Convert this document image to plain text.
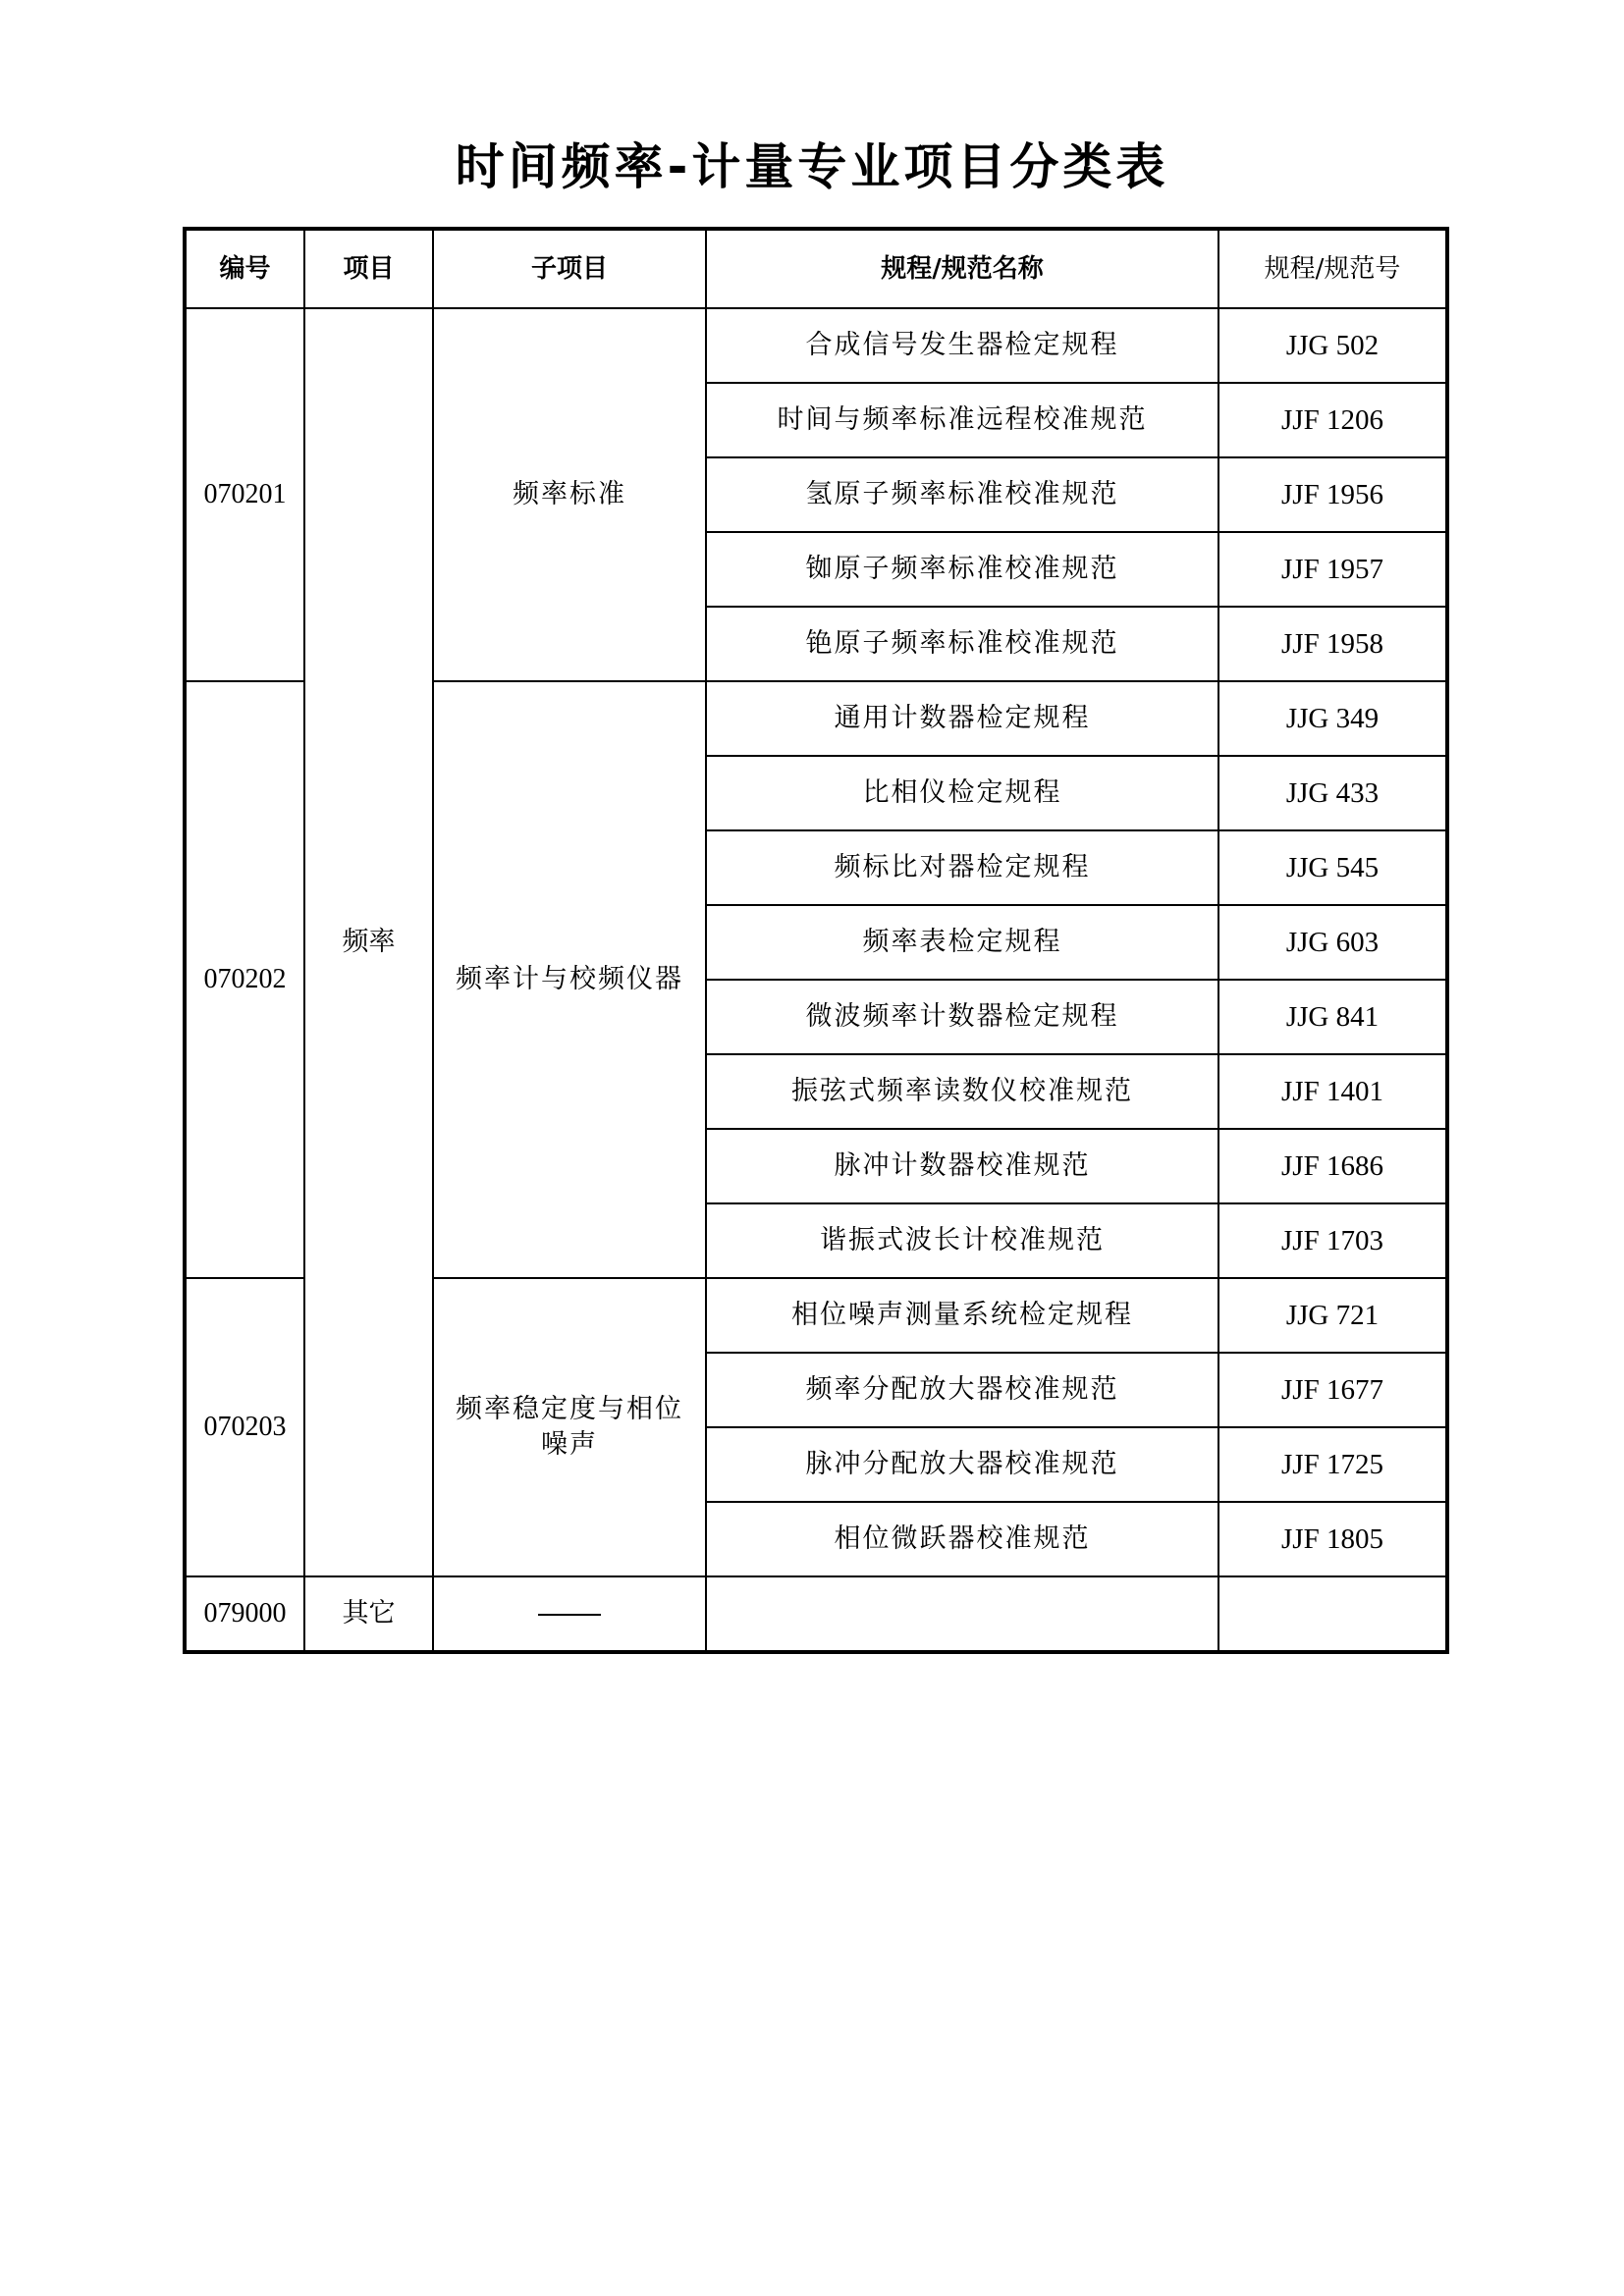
时间频率-计量专业项目分类表
编号	项目	子项目	规程/规范名称	规程/规范号
070201	频率	频率标准	合成信号发生器检定规程	JJG 502
			时间与频率标准远程校准规范	JJF 1206
			氢原子频率标准校准规范	JJF 1956
			铷原子频率标准校准规范	JJF 1957
			铯原子频率标准校准规范	JJF 1958
070202		频率计与校频仪器	通用计数器检定规程	JJG 349
			比相仪检定规程	JJG 433
			频标比对器检定规程	JJG 545
			频率表检定规程	JJG 603
			微波频率计数器检定规程	JJG 841
			振弦式频率读数仪校准规范	JJF 1401
			脉冲计数器校准规范	JJF 1686
			谐振式波长计校准规范	JJF 1703
070203		频率稳定度与相位噪声	相位噪声测量系统检定规程	JJG 721
			频率分配放大器校准规范	JJF 1677
			脉冲分配放大器校准规范	JJF 1725
			相位微跃器校准规范	JJF 1805
079000	其它			
